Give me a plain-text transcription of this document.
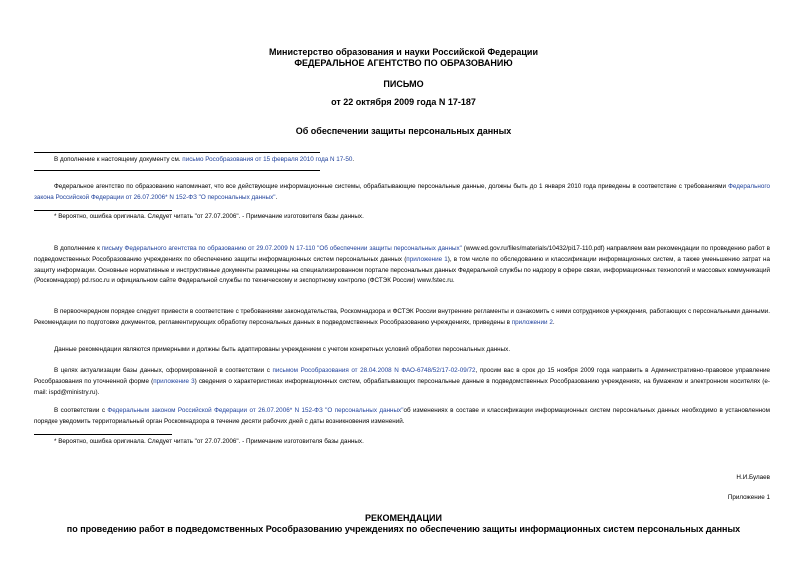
Министерство образования и науки Российской Федерации
ФЕДЕРАЛЬНОЕ АГЕНТСТВО ПО ОБРАЗОВАНИЮ
ПИСЬМО
от 22 октября 2009 года N 17-187
Об обеспечении защиты персональных данных
В дополнение к настоящему документу см. письмо Рособразования от 15 февраля 2010 года N 17-50.
Федеральное агентство по образованию напоминает, что все действующие информационные системы, обрабатывающие персональные данные, должны быть до 1 января 2010 года приведены в соответствие с требованиями Федерального закона Российской Федерации от 26.07.2006* N 152-ФЗ "О персональных данных".
* Вероятно, ошибка оригинала. Следует читать "от 27.07.2006". - Примечание изготовителя базы данных.
В дополнение к письму Федерального агентства по образованию от 29.07.2009 N 17-110 "Об обеспечении защиты персональных данных" (www.ed.gov.ru/files/materials/10432/pi17-110.pdf) направляем вам рекомендации по проведению работ в подведомственных Рособразованию учреждениях по обеспечению защиты информационных систем персональных данных (приложение 1), в том числе по обследованию и классификации информационных систем, а также уменьшению затрат на защиту информации. Основные нормативные и инструктивные документы размещены на специализированном портале персональных данных Федеральной службы по надзору в сфере связи, информационных технологий и массовых коммуникаций (Роскомнадзор) pd.rsoc.ru и официальном сайте Федеральной службы по техническому и экспортному контролю (ФСТЭК России) www.fstec.ru.
В первоочередном порядке следует привести в соответствие с требованиями законодательства, Роскомнадзора и ФСТЭК России внутренние регламенты и ознакомить с ними сотрудников учреждения, работающих с персональными данными. Рекомендации по подготовке документов, регламентирующих обработку персональных данных в подведомственных Рособразованию учреждениях, приведены в приложении 2.
Данные рекомендации являются примерными и должны быть адаптированы учреждением с учетом конкретных условий обработки персональных данных.
В целях актуализации базы данных, сформированной в соответствии с письмом Рособразования от 28.04.2008 N ФАО-6748/52/17-02-09/72, просим вас в срок до 15 ноября 2009 года направить в Административно-правовое управление Рособразования по уточненной форме (приложение 3) сведения о характеристиках информационных систем, обрабатывающих персональные данные в подведомственных Рособразованию учреждениях, на бумажном и электронном носителях (e-mail: ispd@ministry.ru).
В соответствии с Федеральным законом Российской Федерации от 26.07.2006* N 152-ФЗ "О персональных данных"об изменениях в составе и классификации информационных систем персональных данных необходимо в установленном порядке уведомить территориальный орган Роскомнадзора в течение десяти рабочих дней с даты возникновения изменений.
* Вероятно, ошибка оригинала. Следует читать "от 27.07.2006". - Примечание изготовителя базы данных.
Н.И.Булаев
Приложение 1
РЕКОМЕНДАЦИИ
по проведению работ в подведомственных Рособразованию учреждениях по обеспечению защиты информационных систем персональных данных
